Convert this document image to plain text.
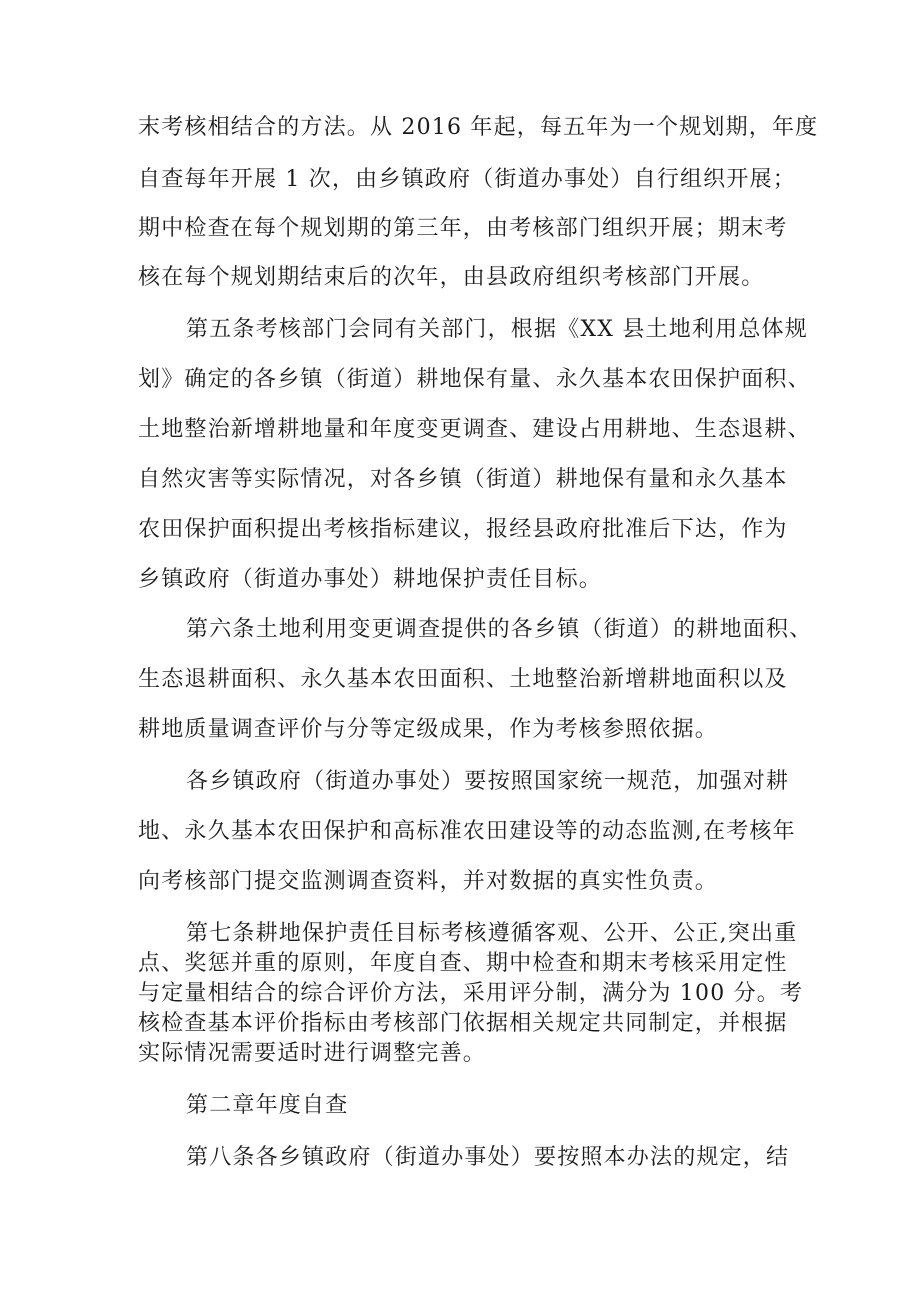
末考核相结合的方法。从 2016 年起，每五年为一个规划期，年度
自查每年开展 1 次，由乡镇政府（街道办事处）自行组织开展；
期中检查在每个规划期的第三年，由考核部门组织开展；期末考
核在每个规划期结束后的次年，由县政府组织考核部门开展。
第五条考核部门会同有关部门，根据《XX 县土地利用总体规
划》确定的各乡镇（街道）耕地保有量、永久基本农田保护面积、
土地整治新增耕地量和年度变更调查、建设占用耕地、生态退耕、
自然灾害等实际情况，对各乡镇（街道）耕地保有量和永久基本
农田保护面积提出考核指标建议，报经县政府批准后下达，作为
乡镇政府（街道办事处）耕地保护责任目标。
第六条土地利用变更调查提供的各乡镇（街道）的耕地面积、
生态退耕面积、永久基本农田面积、土地整治新增耕地面积以及
耕地质量调查评价与分等定级成果，作为考核参照依据。
各乡镇政府（街道办事处）要按照国家统一规范，加强对耕
地、永久基本农田保护和高标准农田建设等的动态监测,在考核年
向考核部门提交监测调查资料，并对数据的真实性负责。
第七条耕地保护责任目标考核遵循客观、公开、公正,突出重
点、奖惩并重的原则，年度自查、期中检查和期末考核采用定性
与定量相结合的综合评价方法，采用评分制，满分为 100 分。考
核检查基本评价指标由考核部门依据相关规定共同制定，并根据
实际情况需要适时进行调整完善。
第二章年度自查
第八条各乡镇政府（街道办事处）要按照本办法的规定，结
